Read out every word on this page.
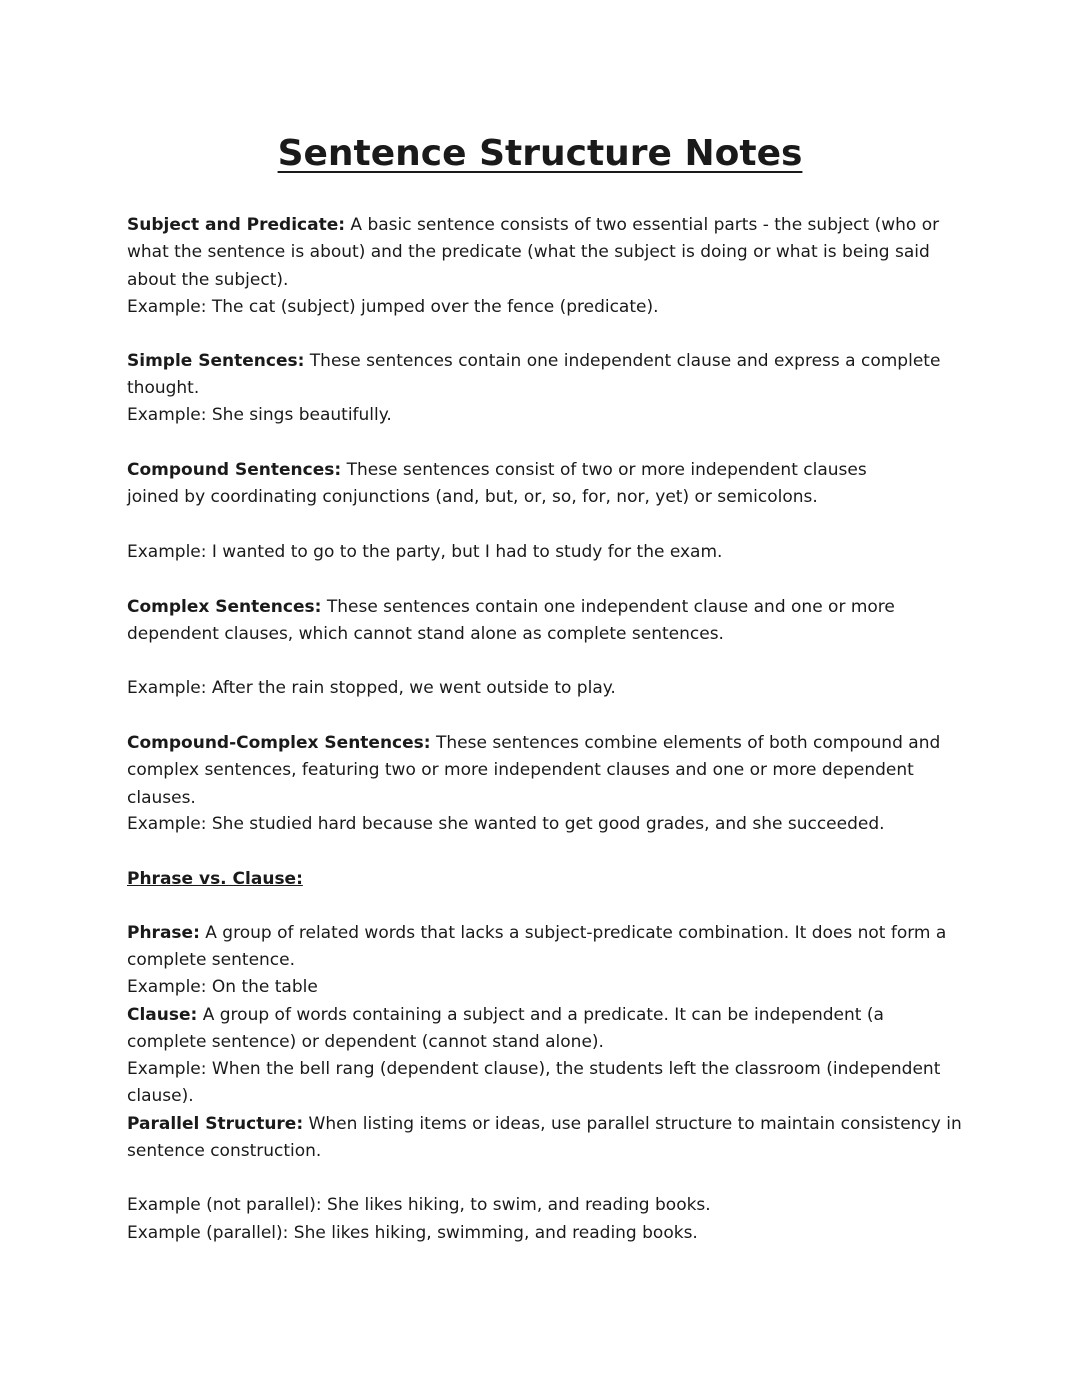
Sentence Structure Notes
Subject and Predicate: A basic sentence consists of two essential parts - the subject (who or what the sentence is about) and the predicate (what the subject is doing or what is being said about the subject).
Example: The cat (subject) jumped over the fence (predicate).
Simple Sentences: These sentences contain one independent clause and express a complete thought.
Example: She sings beautifully.
Compound Sentences: These sentences consist of two or more independent clauses joined by coordinating conjunctions (and, but, or, so, for, nor, yet) or semicolons.
Example: I wanted to go to the party, but I had to study for the exam.
Complex Sentences: These sentences contain one independent clause and one or more dependent clauses, which cannot stand alone as complete sentences.
Example: After the rain stopped, we went outside to play.
Compound-Complex Sentences: These sentences combine elements of both compound and complex sentences, featuring two or more independent clauses and one or more dependent clauses.
Example: She studied hard because she wanted to get good grades, and she succeeded.
Phrase vs. Clause:
Phrase: A group of related words that lacks a subject-predicate combination. It does not form a complete sentence.
Example: On the table
Clause: A group of words containing a subject and a predicate. It can be independent (a complete sentence) or dependent (cannot stand alone).
Example: When the bell rang (dependent clause), the students left the classroom (independent clause).
Parallel Structure: When listing items or ideas, use parallel structure to maintain consistency in sentence construction.
Example (not parallel): She likes hiking, to swim, and reading books.
Example (parallel): She likes hiking, swimming, and reading books.
